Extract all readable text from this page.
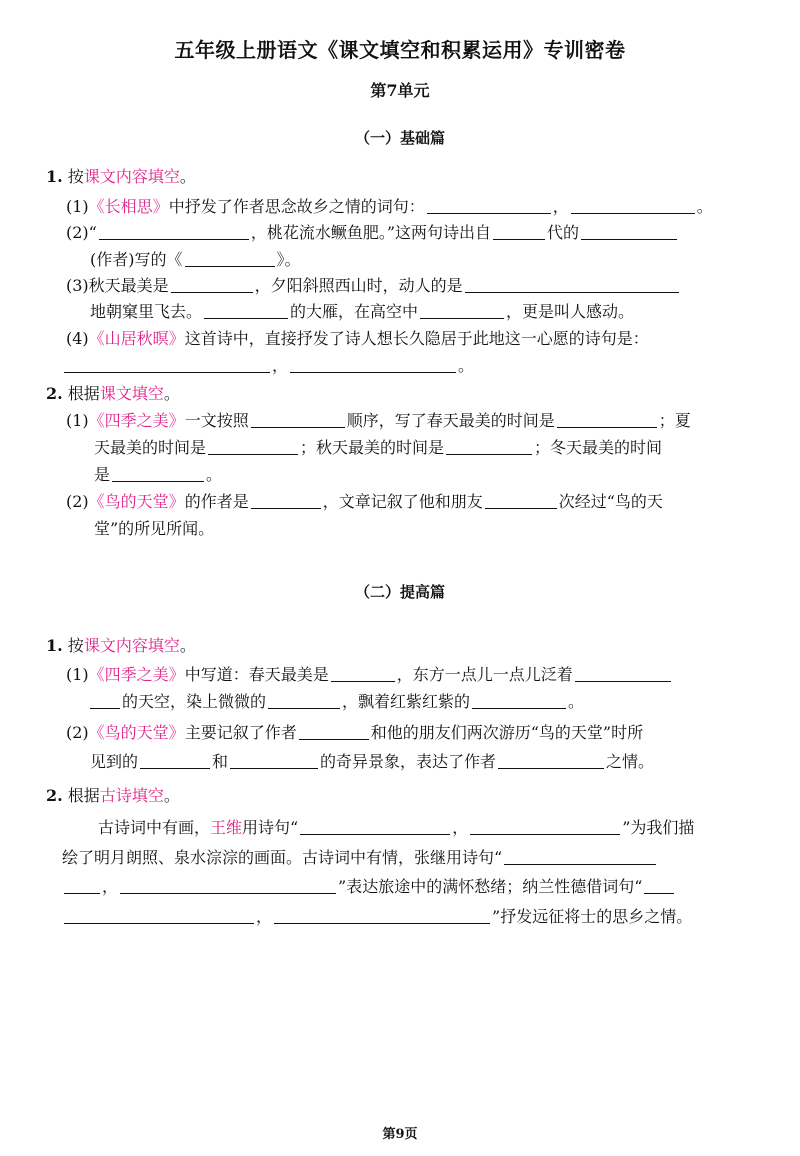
五年级上册语文《课文填空和积累运用》专训密卷
第7单元
（一）基础篇
1. 按课文内容填空。
(1)《长相思》中抒发了作者思念故乡之情的词句：	，	。
(2)“	，桃花流水鳜鱼肥。”这两句诗出自	代的
(作者)写的《	》。
(3)秋天最美是	，夕阳斜照西山时，动人的是
地朝窠里飞去。	的大雁，在高空中	，更是叫人感动。
(4)《山居秋暝》这首诗中，直接抒发了诗人想长久隐居于此地这一心愿的诗句是：
，	。
2. 根据课文填空。
(1)《四季之美》一文按照	顺序，写了春天最美的时间是	；夏
天最美的时间是	；秋天最美的时间是	；冬天最美的时间
是	。
(2)《鸟的天堂》的作者是	，文章记叙了他和朋友	次经过“鸟的天
堂”的所见所闻。
（二）提高篇
1. 按课文内容填空。
(1)《四季之美》中写道：春天最美是	，东方一点儿一点儿泛着
的天空，染上微微的	，飘着红紫红紫的	。
(2)《鸟的天堂》主要记叙了作者	和他的朋友们两次游历“鸟的天堂”时所
见到的	和	的奇异景象，表达了作者	之情。
2. 根据古诗填空。
古诗词中有画，王维用诗句“	，	”为我们描
绘了明月朗照、泉水淙淙的画面。古诗词中有情，张继用诗句“
，	”表达旅途中的满怀愁绪；纳兰性德借词句“
，	”抒发远征将士的思乡之情。
第9页
